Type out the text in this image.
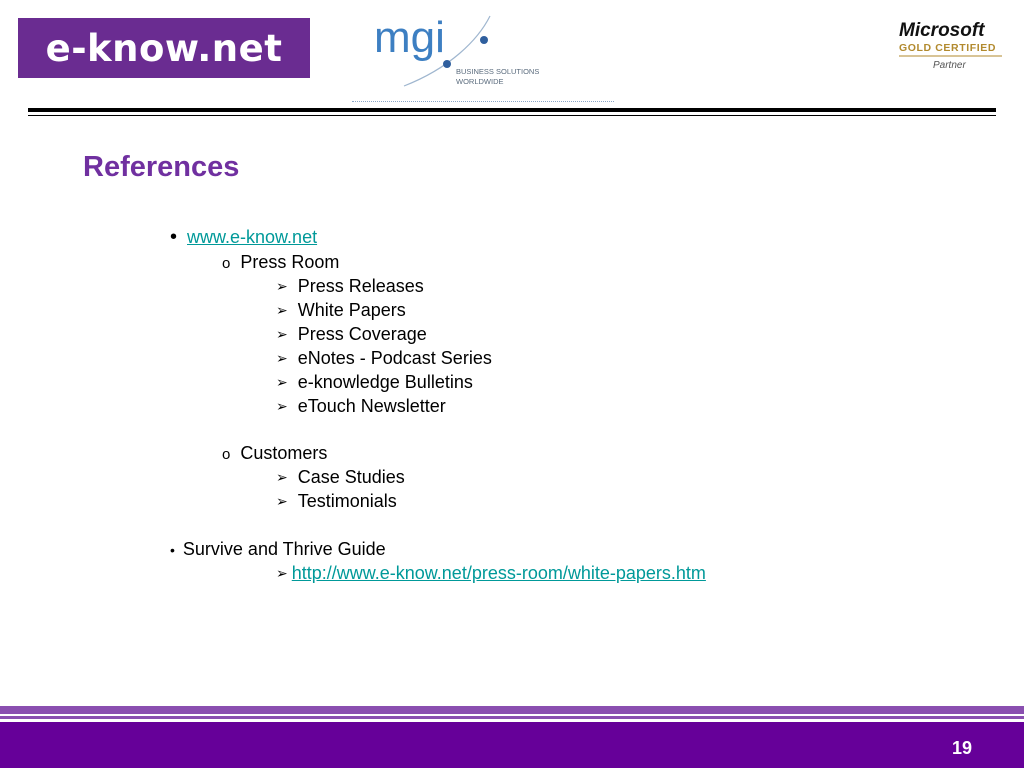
e-know.net mgi
BUSINESS SOLUTIONS
WORLDWIDE
Microsoft
GOLD CERTIFIED
Partner
References
• www.e-know.net
o Press Room
➢ Press Releases
➢ White Papers
➢ Press Coverage
➢ eNotes - Podcast Series
➢ e-knowledge Bulletins
➢ eTouch Newsletter
o Customers
➢ Case Studies
➢ Testimonials
• Survive and Thrive Guide
➢ http://www.e-know.net/press-room/white-papers.htm
19
